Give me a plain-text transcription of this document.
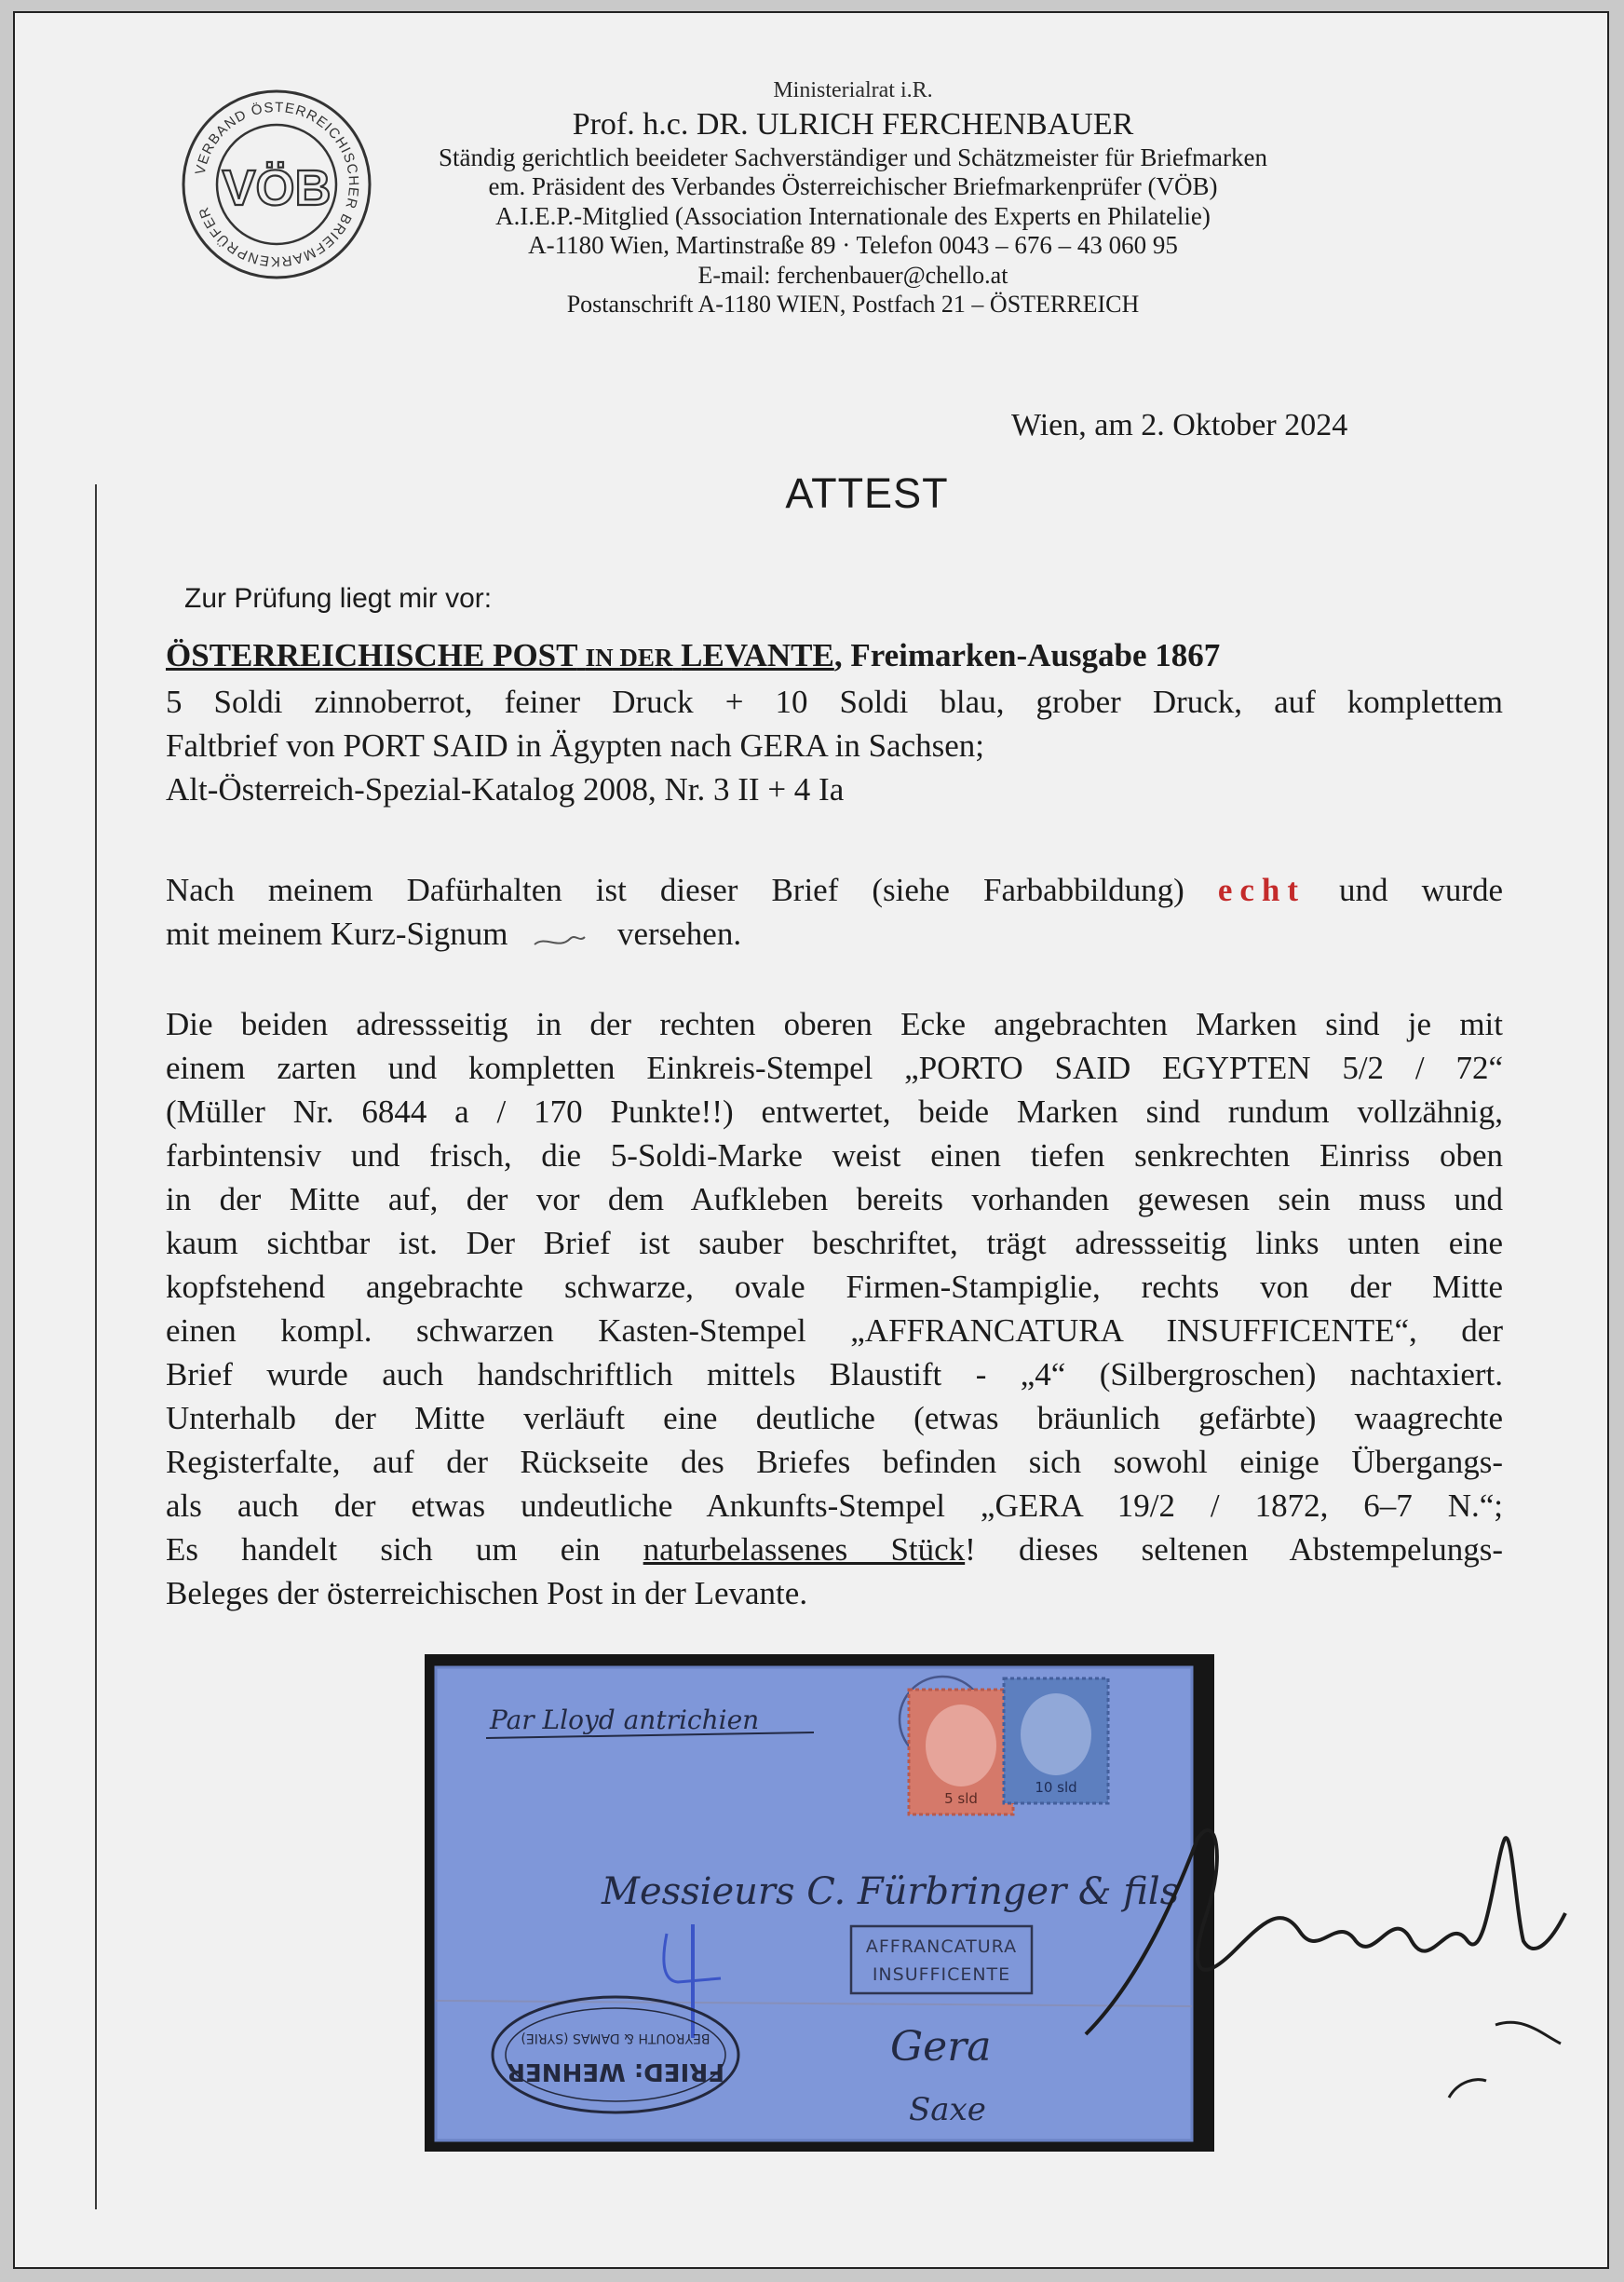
VERBAND ÖSTERREICHISCHER BRIEFMARKENPRÜFER VÖB
Ministerialrat i.R.
Prof. h.c. DR. ULRICH FERCHENBAUER
Ständig gerichtlich beeideter Sachverständiger und Schätzmeister für Briefmarken
em. Präsident des Verbandes Österreichischer Briefmarkenprüfer (VÖB)
A.I.E.P.-Mitglied (Association Internationale des Experts en Philatelie)
A-1180 Wien, Martinstraße 89 · Telefon 0043 – 676 – 43 060 95
E-mail: ferchenbauer@chello.at
Postanschrift A-1180 WIEN, Postfach 21 – ÖSTERREICH
Wien, am 2. Oktober 2024
ATTEST
Zur Prüfung liegt mir vor:

ÖSTERREICHISCHE POST IN DER LEVANTE, Freimarken-Ausgabe 1867

5 Soldi zinnoberrot, feiner Druck + 10 Soldi blau, grober Druck, auf komplettem

Faltbrief von PORT SAID in Ägypten nach GERA in Sachsen;

Alt-Österreich-Spezial-Katalog 2008, Nr. 3 II + 4 Ia

Nach meinem Dafürhalten ist dieser Brief (siehe Farbabbildung) echt und wurde

mit meinem Kurz-Signum	versehen.

Die beiden adressseitig in der rechten oberen Ecke angebrachten Marken sind je mit

einem zarten und kompletten Einkreis-Stempel „PORTO SAID EGYPTEN 5/2 / 72“

(Müller Nr. 6844 a / 170 Punkte!!) entwertet, beide Marken sind rundum vollzähnig,

farbintensiv und frisch, die 5-Soldi-Marke weist einen tiefen senkrechten Einriss oben

in der Mitte auf, der vor dem Aufkleben bereits vorhanden gewesen sein muss und

kaum sichtbar ist. Der Brief ist sauber beschriftet, trägt adressseitig links unten eine

kopfstehend angebrachte schwarze, ovale Firmen-Stampiglie, rechts von der Mitte

einen kompl. schwarzen Kasten-Stempel „AFFRANCATURA INSUFFICENTE“, der

Brief wurde auch handschriftlich mittels Blaustift - „4“ (Silbergroschen) nachtaxiert.

Unterhalb der Mitte verläuft eine deutliche (etwas bräunlich gefärbte) waagrechte

Registerfalte, auf der Rückseite des Briefes befinden sich sowohl einige Übergangs-

als auch der etwas undeutliche Ankunfts-Stempel „GERA 19/2 / 1872, 6–7 N.“;

Es handelt sich um ein naturbelassenes Stück! dieses seltenen Abstempelungs-

Beleges der österreichischen Post in der Levante.

Par Lloyd antrichien
5 sld
10 sld
Messieurs C. Fürbringer & fils
AFFRANCATURA
INSUFFICENTE
Gera
Saxe
FRIED: WEHNER
BEYROUTH & DAMAS (SYRIE)
